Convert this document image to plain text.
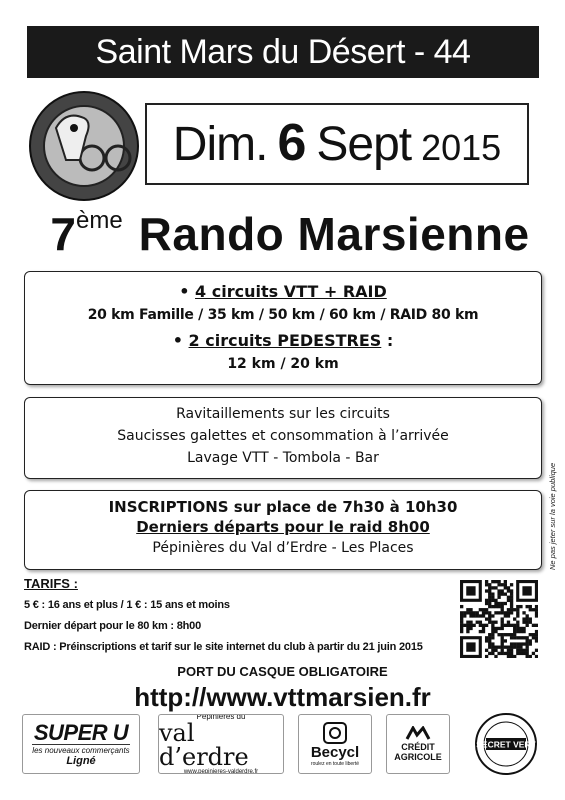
Saint Mars du Désert - 44
Dim. 6 Sept 2015
7 ème Rando Marsienne
• 4 circuits VTT + RAID
20 km Famille / 35 km / 50 km / 60 km / RAID 80 km
• 2 circuits PEDESTRES :
12 km / 20 km
Ravitaillements sur les circuits
Saucisses galettes et consommation à l’arrivée
Lavage VTT - Tombola - Bar
INSCRIPTIONS sur place de 7h30 à 10h30
Derniers départs pour le raid 8h00
Pépinières du Val d’Erdre - Les Places	Ne pas jeter sur la voie publique
TARIFS :
5 € : 16 ans et plus / 1 € : 15 ans et moins
Dernier départ pour le 80 km : 8h00
RAID : Préinscriptions et tarif sur le site internet du club à partir du 21 juin 2015
PORT DU CASQUE OBLIGATOIRE
http://www.vttmarsien.fr
SUPER U
les nouveaux commerçants
Ligné
Pépinières du
val d’erdre
www.pepinieres-valderdre.fr
Becycl
roulez en toute liberté
CRÉDIT AGRICOLE
SECRET VERT
